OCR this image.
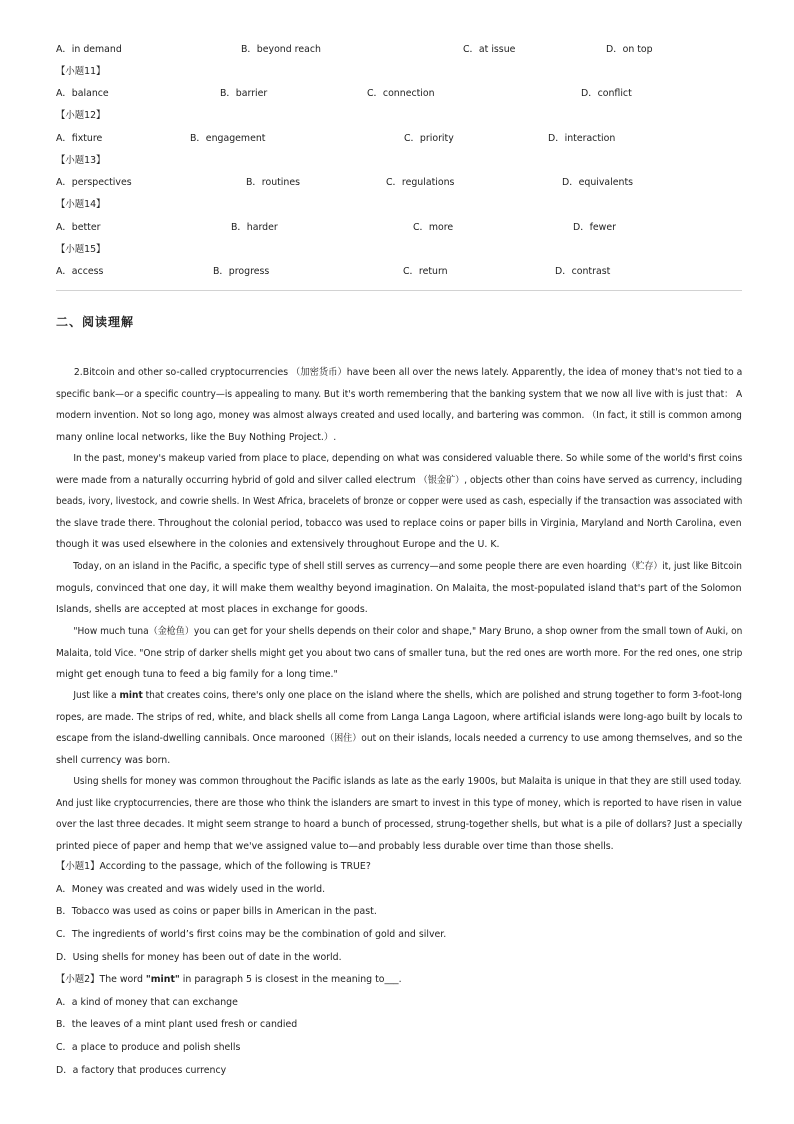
A．in demand	B．beyond reach	C．at issue	D．on top
【小题11】
A．balance	B．barrier	C．connection	D．conflict
【小题12】
A．fixture	B．engagement	C．priority	D．interaction
【小题13】
A．perspectives	B．routines	C．regulations	D．equivalents
【小题14】
A．better	B．harder	C．more	D．fewer
【小题15】
A．access	B．progress	C．return	D．contrast
二、阅读理解
2.Bitcoin and other so-called cryptocurrencies （加密货币）have been all over the news lately. Apparently, the idea of money that's not tied to a
specific bank—or a specific country—is appealing to many. But it's worth remembering that the banking system that we now all live with is just that： A
modern invention. Not so long ago, money was almost always created and used locally, and bartering was common. （In fact, it still is common among
many online local networks, like the Buy Nothing Project.）.
In the past, money's makeup varied from place to place, depending on what was considered valuable there. So while some of the world's first coins
were made from a naturally occurring hybrid of gold and silver called electrum （银金矿）, objects other than coins have served as currency, including
beads, ivory, livestock, and cowrie shells. In West Africa, bracelets of bronze or copper were used as cash, especially if the transaction was associated with
the slave trade there. Throughout the colonial period, tobacco was used to replace coins or paper bills in Virginia, Maryland and North Carolina, even
though it was used elsewhere in the colonies and extensively throughout Europe and the U. K.
Today, on an island in the Pacific, a specific type of shell still serves as currency—and some people there are even hoarding（贮存）it, just like Bitcoin
moguls, convinced that one day, it will make them wealthy beyond imagination. On Malaita, the most-populated island that's part of the Solomon
Islands, shells are accepted at most places in exchange for goods.
"How much tuna（金枪鱼）you can get for your shells depends on their color and shape," Mary Bruno, a shop owner from the small town of Auki, on
Malaita, told Vice. "One strip of darker shells might get you about two cans of smaller tuna, but the red ones are worth more. For the red ones, one strip
might get enough tuna to feed a big family for a long time."
Just like a mint that creates coins, there's only one place on the island where the shells, which are polished and strung together to form 3-foot-long
ropes, are made. The strips of red, white, and black shells all come from Langa Langa Lagoon, where artificial islands were long-ago built by locals to
escape from the island-dwelling cannibals. Once marooned（困住）out on their islands, locals needed a currency to use among themselves, and so the
shell currency was born.
Using shells for money was common throughout the Pacific islands as late as the early 1900s, but Malaita is unique in that they are still used today.
And just like cryptocurrencies, there are those who think the islanders are smart to invest in this type of money, which is reported to have risen in value
over the last three decades. It might seem strange to hoard a bunch of processed, strung-together shells, but what is a pile of dollars? Just a specially
printed piece of paper and hemp that we've assigned value to—and probably less durable over time than those shells.
【小题1】According to the passage, which of the following is TRUE?
A．Money was created and was widely used in the world.
B．Tobacco was used as coins or paper bills in American in the past.
C．The ingredients of world’s first coins may be the combination of gold and silver.
D．Using shells for money has been out of date in the world.
【小题2】The word "mint" in paragraph 5 is closest in the meaning to___.
A．a kind of money that can exchange
B．the leaves of a mint plant used fresh or candied
C．a place to produce and polish shells
D．a factory that produces currency
